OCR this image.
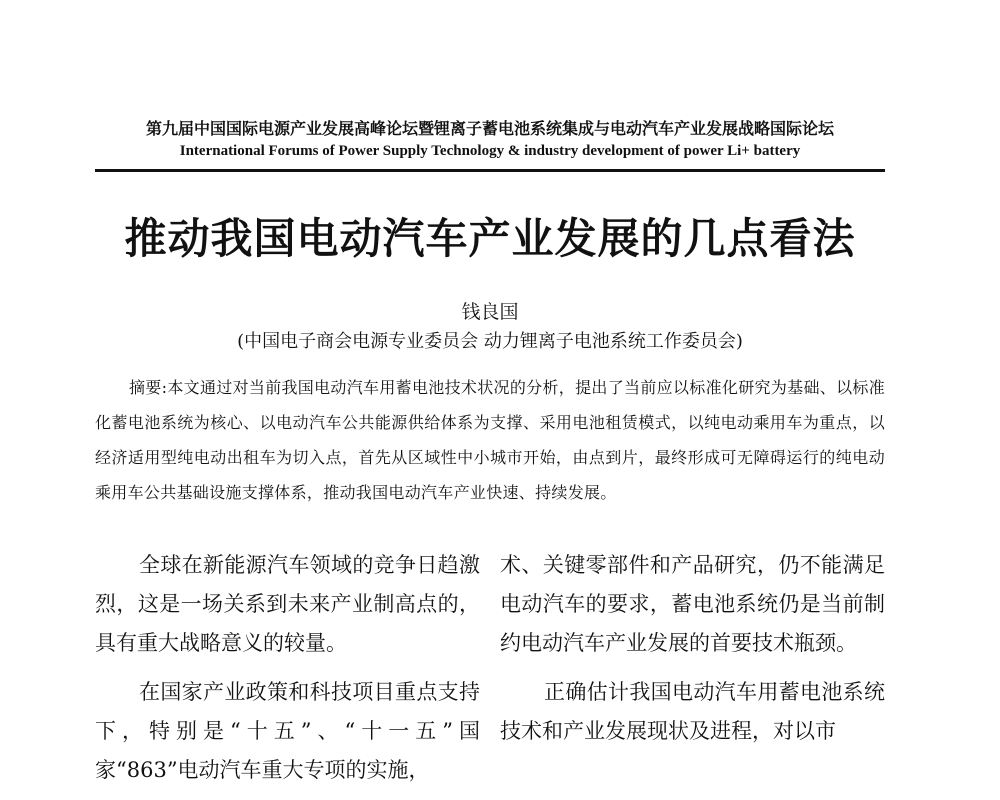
第九届中国国际电源产业发展高峰论坛暨锂离子蓄电池系统集成与电动汽车产业发展战略国际论坛
International Forums of Power Supply Technology & industry development of power Li+ battery
推动我国电动汽车产业发展的几点看法
钱良国
(中国电子商会电源专业委员会 动力锂离子电池系统工作委员会)
摘要:本文通过对当前我国电动汽车用蓄电池技术状况的分析，提出了当前应以标准化研究为基础、以标准化蓄电池系统为核心、以电动汽车公共能源供给体系为支撑、采用电池租赁模式，以纯电动乘用车为重点，以经济适用型纯电动出租车为切入点，首先从区域性中小城市开始，由点到片，最终形成可无障碍运行的纯电动乘用车公共基础设施支撑体系，推动我国电动汽车产业快速、持续发展。

全球在新能源汽车领域的竞争日趋激烈，这是一场关系到未来产业制高点的，具有重大战略意义的较量。

在国家产业政策和科技项目重点支持下，特别是“十五”、“十一五”国家“863”电动汽车重大专项的实施，

术、关键零部件和产品研究，仍不能满足电动汽车的要求，蓄电池系统仍是当前制约电动汽车产业发展的首要技术瓶颈。

正确估计我国电动汽车用蓄电池系统技术和产业发展现状及进程，对以市
